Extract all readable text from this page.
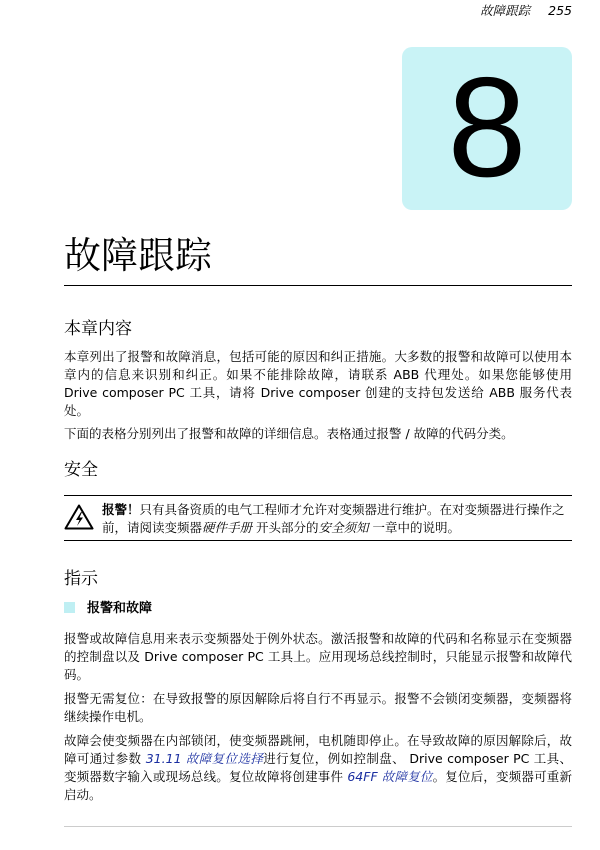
故障跟踪 255
8
故障跟踪
本章内容

本章列出了报警和故障消息，包括可能的原因和纠正措施。大多数的报警和故障可以使用本章内的信息来识别和纠正。如果不能排除故障，请联系 ABB 代理处。如果您能够使用 Drive composer PC 工具，请将 Drive composer 创建的支持包发送给 ABB 服务代表处。

下面的表格分别列出了报警和故障的详细信息。表格通过报警 / 故障的代码分类。

安全

报警！只有具备资质的电气工程师才允许对变频器进行维护。在对变频器进行操作之前，请阅读变频器硬件手册 开头部分的安全须知 一章中的说明。

指示
报警和故障

报警或故障信息用来表示变频器处于例外状态。激活报警和故障的代码和名称显示在变频器的控制盘以及 Drive composer PC 工具上。应用现场总线控制时，只能显示报警和故障代码。

报警无需复位：在导致报警的原因解除后将自行不再显示。报警不会锁闭变频器，变频器将继续操作电机。

故障会使变频器在内部锁闭，使变频器跳闸，电机随即停止。在导致故障的原因解除后，故障可通过参数 31.11 故障复位选择进行复位，例如控制盘、 Drive composer PC 工具、变频器数字输入或现场总线。复位故障将创建事件 64FF 故障复位。复位后，变频器可重新启动。
